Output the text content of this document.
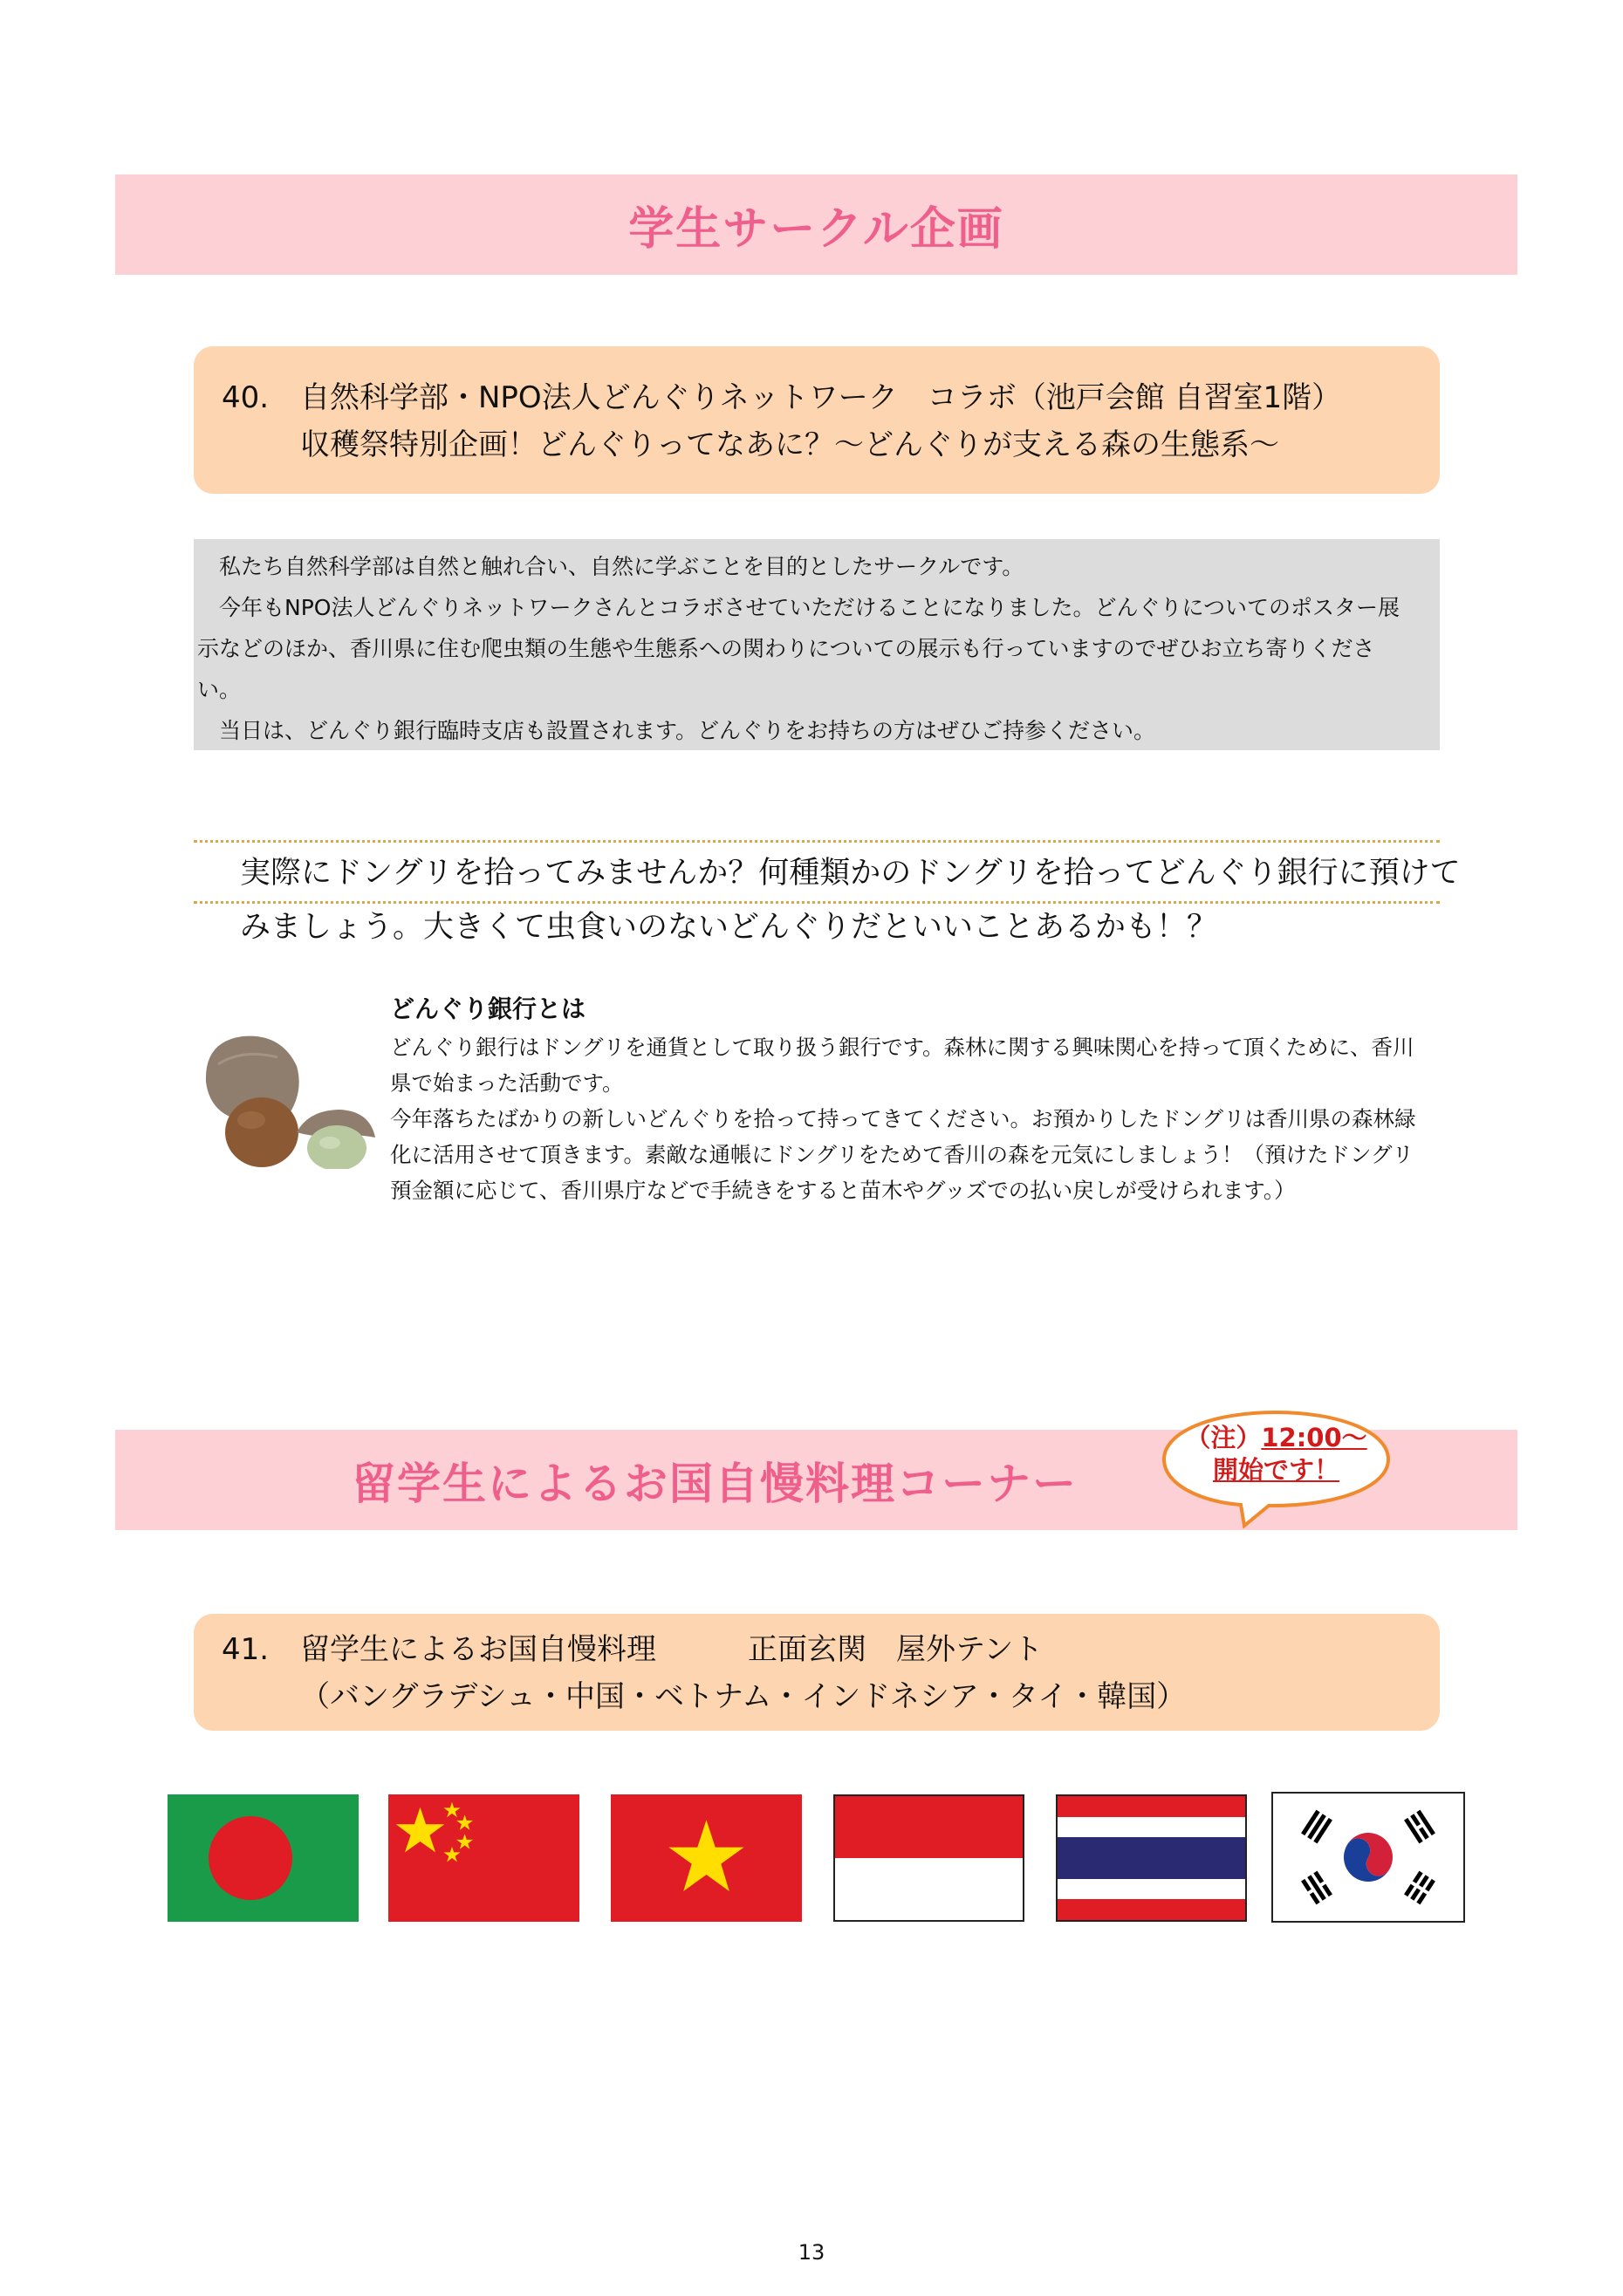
学生サークル企画
40.	自然科学部・NPO法人どんぐりネットワーク　コラボ（池戸会館 自習室1階）
収穫祭特別企画！どんぐりってなあに？～どんぐりが支える森の生態系～

私たち自然科学部は自然と触れ合い、自然に学ぶことを目的としたサークルです。

今年もNPO法人どんぐりネットワークさんとコラボさせていただけることになりました。どんぐりについてのポスター展示などのほか、香川県に住む爬虫類の生態や生態系への関わりについての展示も行っていますのでぜひお立ち寄りください。

当日は、どんぐり銀行臨時支店も設置されます。どんぐりをお持ちの方はぜひご持参ください。

実際にドングリを拾ってみませんか？何種類かのドングリを拾ってどんぐり銀行に預けて
みましょう。大きくて虫食いのないどんぐりだといいことあるかも！？
どんぐり銀行とは

どんぐり銀行はドングリを通貨として取り扱う銀行です。森林に関する興味関心を持って頂くために、香川県で始まった活動です。

今年落ちたばかりの新しいどんぐりを拾って持ってきてください。お預かりしたドングリは香川県の森林緑化に活用させて頂きます。素敵な通帳にドングリをためて香川の森を元気にしましょう！（預けたドングリ預金額に応じて、香川県庁などで手続きをすると苗木やグッズでの払い戻しが受けられます。）

留学生によるお国自慢料理コーナー
（注）12:00～
開始です！
41.	留学生によるお国自慢料理	正面玄関　屋外テント
（バングラデシュ・中国・ベトナム・インドネシア・タイ・韓国）
13
